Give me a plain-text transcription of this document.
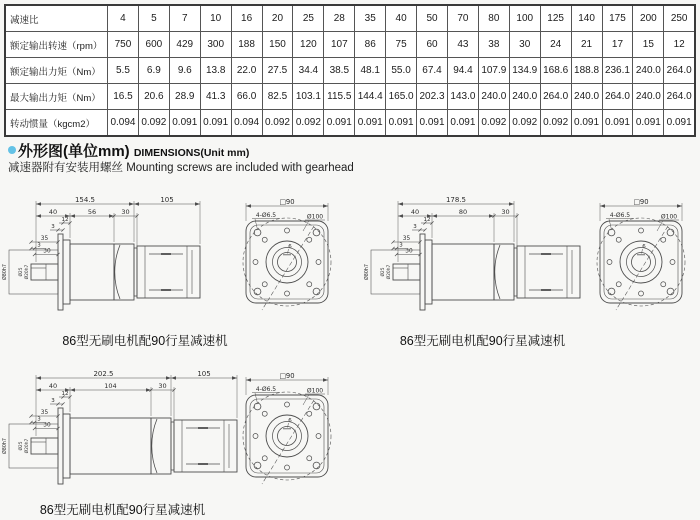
减速比	4	5	7	10	16	20	25	28	35	40	50	70	80	100	125	140	175	200	250
额定输出转速（rpm）	750	600	429	300	188	150	120	107	86	75	60	43	38	30	24	21	17	15	12
额定输出力矩（Nm）	5.5	6.9	9.6	13.8	22.0	27.5	34.4	38.5	48.1	55.0	67.4	94.4	107.9	134.9	168.6	188.8	236.1	240.0	264.0
最大输出力矩（Nm）	16.5	20.6	28.9	41.3	66.0	82.5	103.1	115.5	144.4	165.0	202.3	143.0	240.0	240.0	264.0	240.0	264.0	240.0	264.0
转动惯量（kgcm2）	0.094	0.092	0.091	0.091	0.094	0.092	0.092	0.091	0.091	0.091	0.091	0.091	0.092	0.092	0.092	0.091	0.091	0.091	0.091
外形图(单位mm) DIMENSIONS(Unit mm)
减速器附有安装用螺丝 Mounting screws are included with gearhead
Ø80h7	Ø25 Ø20h7
154.5	105
40	56	30
12
3
35
3
30
□90
4-Ø6.5	Ø100
6
Ø80h7	Ø25 Ø20h7
178.5
40	80	30
12
3
35
3
30
□90
4-Ø6.5	Ø100
6
Ø80h7	Ø25 Ø20h7
202.5	105
40	104	30
12
3
35
3
30
□90
4-Ø6.5	Ø100
6
86型无刷电机配90行星减速机	86型无刷电机配90行星减速机
86型无刷电机配90行星减速机
